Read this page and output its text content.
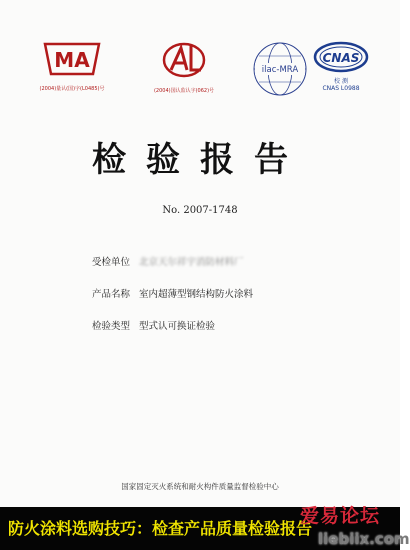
MA
(2004)量认(国)字(L0485)号	(2004)国认监认字(062)号
ilac-MRA
CNAS
校 测
CNAS L0988
检验报告
No. 2007-1748
受检单位 北京天尔祥宇消防材料厂
产品名称 室内超薄型钢结构防火涂料
检验类型 型式认可换证检验
国家固定灭火系统和耐火构件质量监督检验中心
防火涂料选购技巧：检查产品质量检验报告
爱易论坛
liebiix.com
